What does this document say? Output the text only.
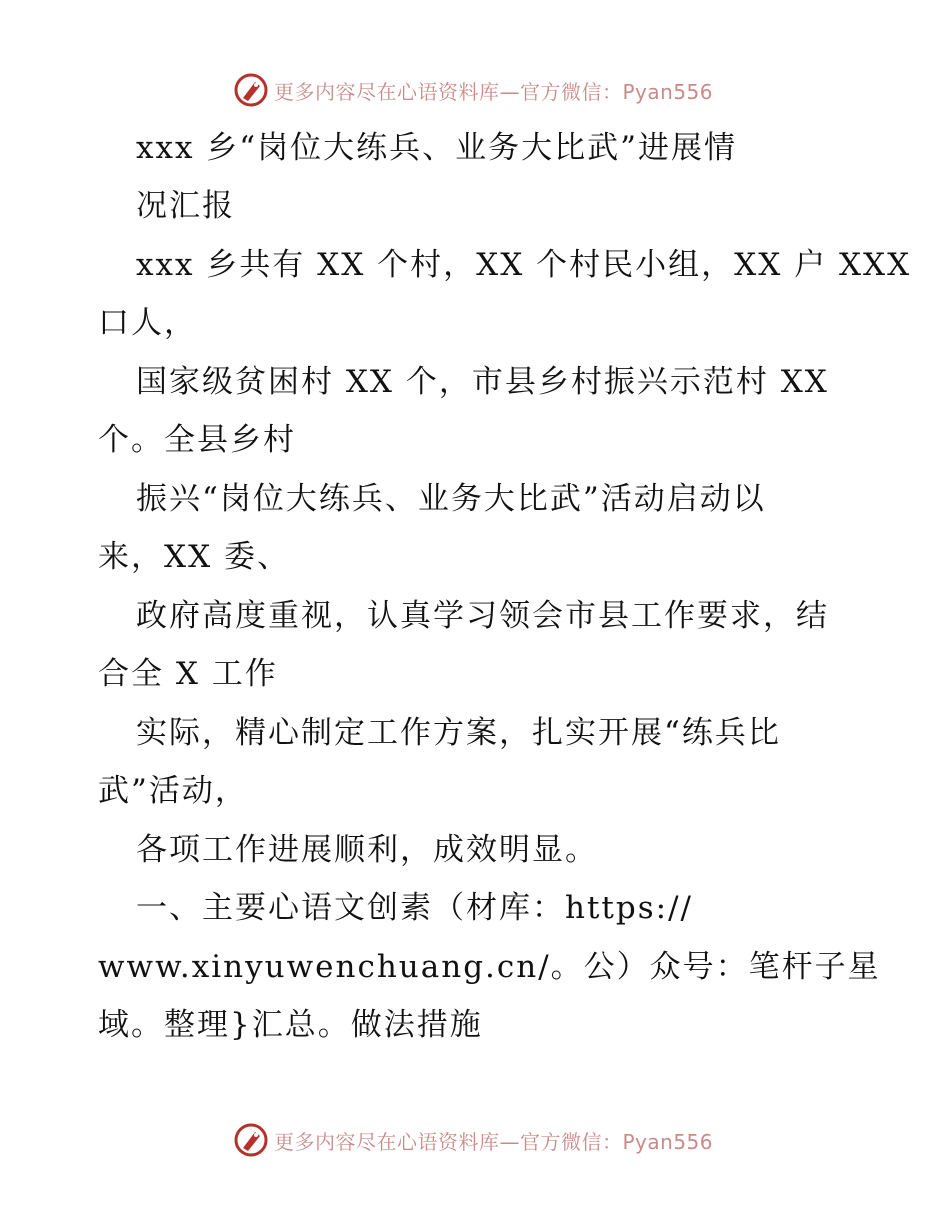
更多内容尽在心语资料库—官方微信：Pyan556
xxx 乡“岗位大练兵、业务大比武”进展情
况汇报
xxx 乡共有 XX 个村，XX 个村民小组，XX 户 XXX
口人，
国家级贫困村 XX 个，市县乡村振兴示范村 XX
个。全县乡村
振兴“岗位大练兵、业务大比武”活动启动以
来，XX 委、
政府高度重视，认真学习领会市县工作要求，结
合全 X 工作
实际，精心制定工作方案，扎实开展“练兵比
武”活动，
各项工作进展顺利，成效明显。
一、主要心语文创素（材库：https://
www.xinyuwenchuang.cn/。公）众号：笔杆子星
域。整理}汇总。做法措施
更多内容尽在心语资料库—官方微信：Pyan556
